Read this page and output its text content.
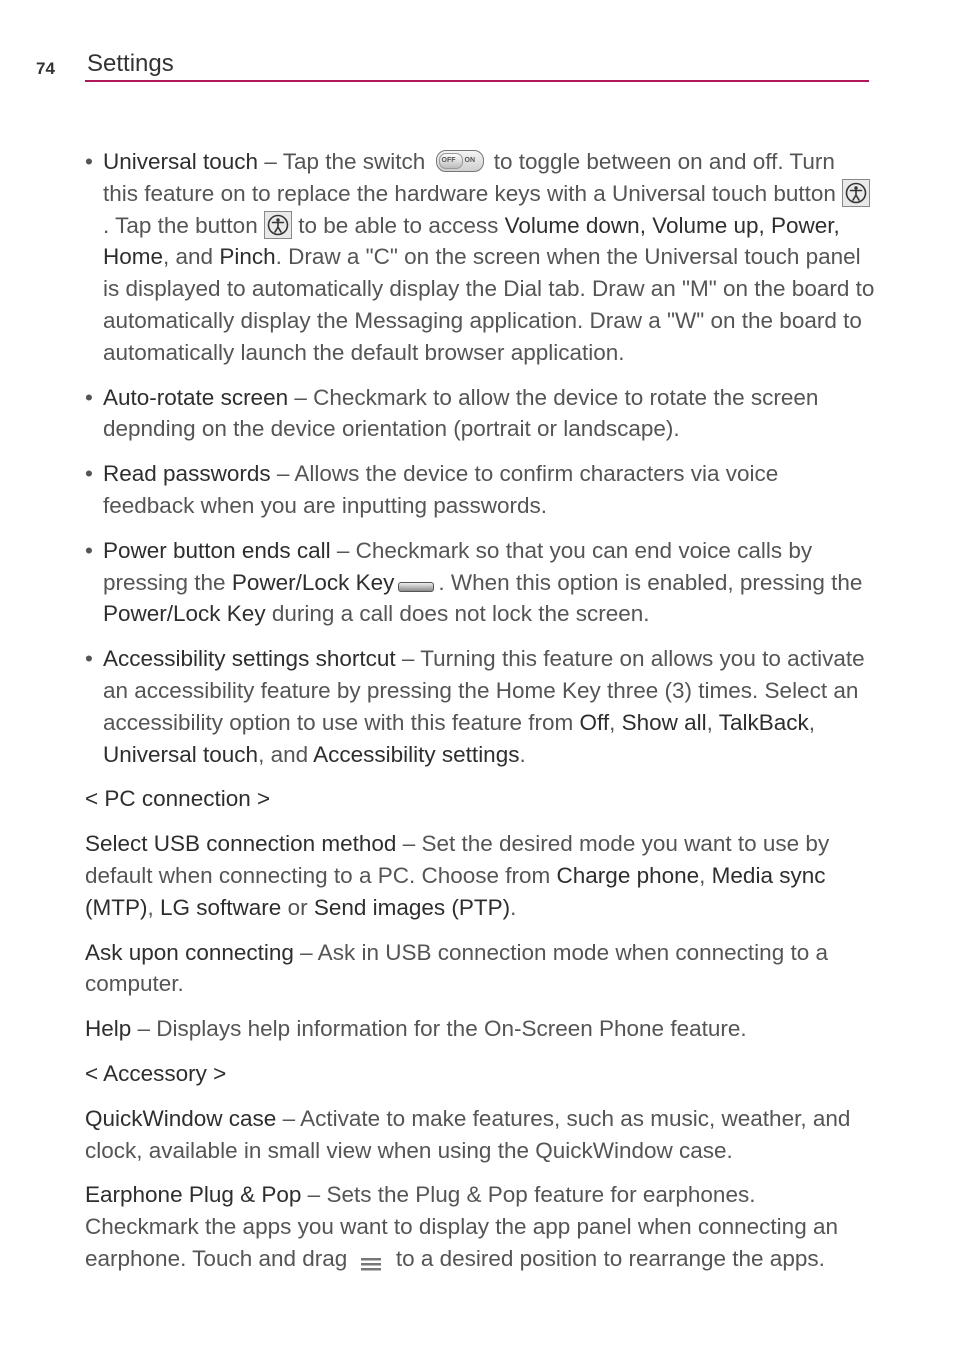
74 Settings
• Universal touch – Tap the switch OFF ON to toggle between on and off. Turn this feature on to replace the hardware keys with a Universal touch button
. Tap the button
to be able to access Volume down, Volume up, Power, Home, and Pinch. Draw a "C" on the screen when the Universal touch panel is displayed to automatically display the Dial tab. Draw an "M" on the board to automatically display the Messaging application. Draw a "W" on the board to automatically launch the default browser application.
• Auto-rotate screen – Checkmark to allow the device to rotate the screen depnding on the device orientation (portrait or landscape).
• Read passwords – Allows the device to confirm characters via voice feedback when you are inputting passwords.
• Power button ends call – Checkmark so that you can end voice calls by pressing the Power/Lock Key . When this option is enabled, pressing the Power/Lock Key during a call does not lock the screen.
• Accessibility settings shortcut – Turning this feature on allows you to activate an accessibility feature by pressing the Home Key three (3) times. Select an accessibility option to use with this feature from Off, Show all, TalkBack, Universal touch, and Accessibility settings.
< PC connection >
Select USB connection method – Set the desired mode you want to use by default when connecting to a PC. Choose from Charge phone, Media sync (MTP), LG software or Send images (PTP).
Ask upon connecting – Ask in USB connection mode when connecting to a computer.
Help – Displays help information for the On-Screen Phone feature.
< Accessory >
QuickWindow case – Activate to make features, such as music, weather, and clock, available in small view when using the QuickWindow case.
Earphone Plug & Pop – Sets the Plug & Pop feature for earphones. Checkmark the apps you want to display the app panel when connecting an earphone. Touch and drag  to a desired position to rearrange the apps.
